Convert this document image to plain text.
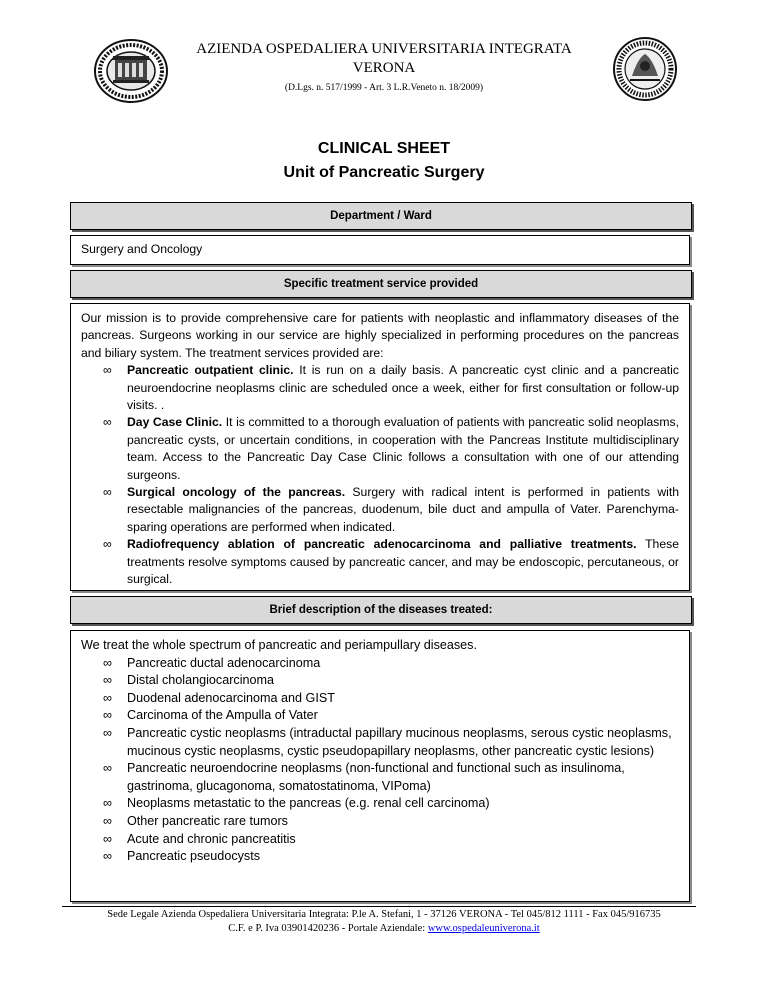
AZIENDA OSPEDALIERA UNIVERSITARIA INTEGRATA
VERONA
(D.Lgs. n. 517/1999 - Art. 3 L.R.Veneto n. 18/2009)
CLINICAL SHEET
Unit of Pancreatic Surgery
Department / Ward
Surgery and Oncology
Specific treatment service provided
Our mission is to provide comprehensive care for patients with neoplastic and inflammatory diseases of the pancreas. Surgeons working in our service are highly specialized in performing procedures on the pancreas and biliary system. The treatment services provided are:
∞ Pancreatic outpatient clinic. It is run on a daily basis. A pancreatic cyst clinic and a pancreatic neuroendocrine neoplasms clinic are scheduled once a week, either for first consultation or follow-up visits. .
∞ Day Case Clinic. It is committed to a thorough evaluation of patients with pancreatic solid neoplasms, pancreatic cysts, or uncertain conditions, in cooperation with the Pancreas Institute multidisciplinary team. Access to the Pancreatic Day Case Clinic follows a consultation with one of our attending surgeons.
∞ Surgical oncology of the pancreas. Surgery with radical intent is performed in patients with resectable malignancies of the pancreas, duodenum, bile duct and ampulla of Vater. Parenchyma-sparing operations are performed when indicated.
∞ Radiofrequency ablation of pancreatic adenocarcinoma and palliative treatments. These treatments resolve symptoms caused by pancreatic cancer, and may be endoscopic, percutaneous, or surgical.
Brief description of the diseases treated:
We treat the whole spectrum of pancreatic and periampullary diseases.
∞ Pancreatic ductal adenocarcinoma
∞ Distal cholangiocarcinoma
∞ Duodenal adenocarcinoma and GIST
∞ Carcinoma of the Ampulla of Vater
∞ Pancreatic cystic neoplasms (intraductal papillary mucinous neoplasms, serous cystic neoplasms, mucinous cystic neoplasms, cystic pseudopapillary neoplasms, other pancreatic cystic lesions)
∞ Pancreatic neuroendocrine neoplasms (non-functional and functional such as insulinoma, gastrinoma, glucagonoma, somatostatinoma, VIPoma)
∞ Neoplasms metastatic to the pancreas (e.g. renal cell carcinoma)
∞ Other pancreatic rare tumors
∞ Acute and chronic pancreatitis
∞ Pancreatic pseudocysts
Sede Legale Azienda Ospedaliera Universitaria Integrata: P.le A. Stefani, 1 - 37126 VERONA - Tel 045/812 1111 - Fax 045/916735
C.F. e P. Iva 03901420236 - Portale Aziendale: www.ospedaleuniverona.it
